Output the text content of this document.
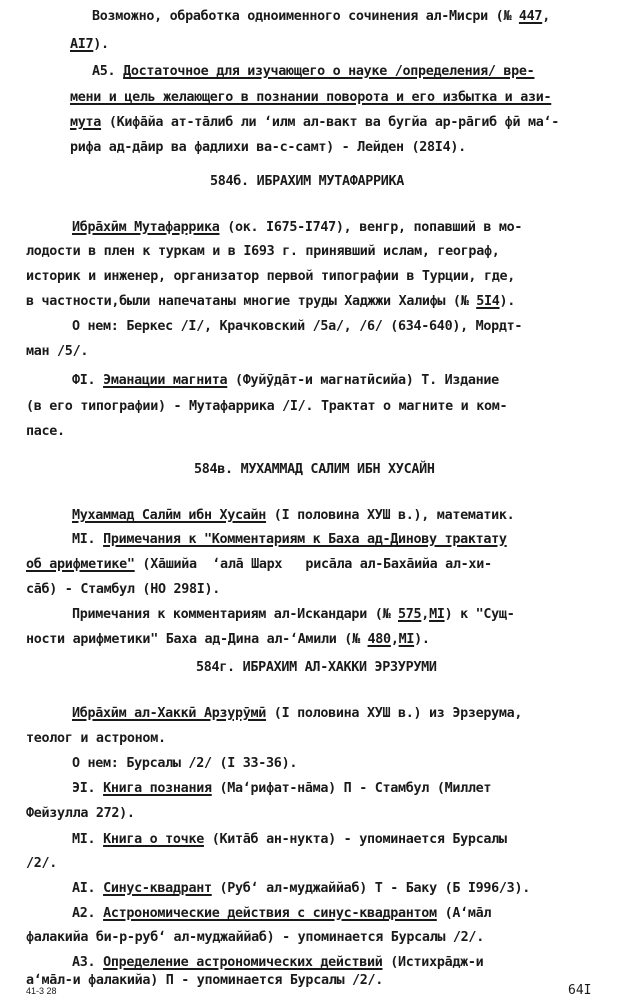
Возможно, обработка одноименного сочинения ал-Мисри (№ 447,
AI7).
A5. Достаточное для изучающего о науке /определения/ вре-
мени и цель желающего в познании поворота и его избытка и ази-
мута (Кифāйа ат-тāлиб ли ʻилм ал-вакт ва бугйа ар-рāгиб фӣ маʻ-
рифа ад-дāир ва фадлихи ва-с-самт) - Лейден (28I4).
584б. ИБРАХИМ МУТАФАРРИКА
Ибрāхӣм Мутафаррика (ок. I675-I747), венгр, попавший в мо-
лодости в плен к туркам и в I693 г. принявший ислам, географ,
историк и инженер, организатор первой типографии в Турции, где,
в частности,были напечатаны многие труды Хаджжи Халифы (№ 5I4).
О нем: Беркес /I/, Крачковский /5а/, /6/ (634-640), Мордт-
ман /5/.
ФI. Эманации магнита (Фуйӯдāт-и магнатӣсийа) Т. Издание
(в его типографии) - Мутафаррика /I/. Трактат о магните и ком-
пасе.
584в. МУХАММАД САЛИМ ИБН ХУСАЙН
Мухаммад Салӣм ибн Хусайн (I половина ХУШ в.), математик.
МI. Примечания к "Комментариям к Баха ад-Динову трактату
об арифметике" (Хāшийа  ʻалā Шарх   рисāла ал-Бахāийа ал-хи-
сāб) - Стамбул (НО 298I).
Примечания к комментариям ал-Искандари (№ 575,МI) к "Сущ-
ности арифметики" Баха ад-Дина ал-ʻАмили (№ 480,МI).
584г. ИБРАХИМ АЛ-ХАККИ ЭРЗУРУМИ
Ибрāхӣм ал-Хаккӣ Арзурӯмӣ (I половина ХУШ в.) из Эрзерума,
теолог и астроном.
О нем: Бурсалы /2/ (I 33-36).
ЭI. Книга познания (Маʻрифат-нāма) П - Стамбул (Миллет
Фейзулла 272).
МI. Книга о точке (Китāб ан-нукта) - упоминается Бурсалы
/2/.
AI. Синус-квадрант (Рубʻ ал-муджаййаб) Т - Баку (Б I996/3).
A2. Астрономические действия с синус-квадрантом (Аʻмāл
фалакийа би-р-рубʻ ал-муджаййаб) - упоминается Бурсалы /2/.
A3. Определение астрономических действий (Истихрāдж-и
аʻмāл-и фалакийа) П - упоминается Бурсалы /2/.
41-3 28	64I
